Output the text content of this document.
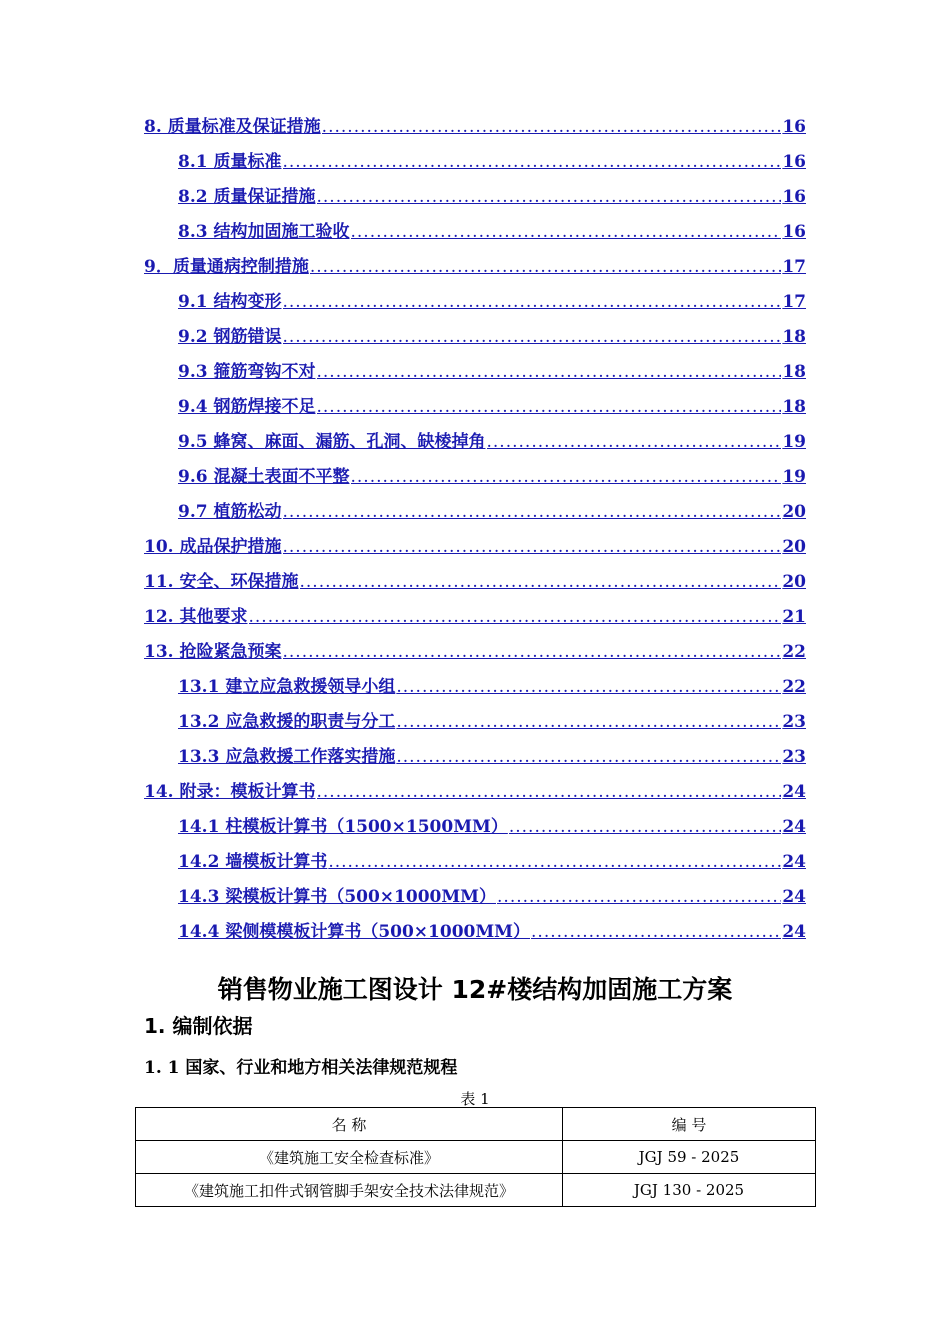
8. 质量标准及保证措施 .....	16
8.1 质量标准 .....	16
8.2 质量保证措施 .....	16
8.3 结构加固施工验收 .....	16
9．质量通病控制措施 .....	17
9.1 结构变形 .....	17
9.2 钢筋错误 .....	18
9.3 箍筋弯钩不对 .....	18
9.4 钢筋焊接不足 .....	18
9.5 蜂窝、麻面、漏筋、孔洞、缺棱掉角 .....	19
9.6 混凝土表面不平整 .....	19
9.7 植筋松动 .....	20
10. 成品保护措施 .....	20
11. 安全、环保措施 .....	20
12. 其他要求 .....	21
13. 抢险紧急预案 .....	22
13.1 建立应急救援领导小组 .....	22
13.2 应急救援的职责与分工 .....	23
13.3 应急救援工作落实措施 .....	23
14. 附录：模板计算书 .....	24
14.1 柱模板计算书（1500×1500MM） .....	24
14.2 墙模板计算书 .....	24
14.3 梁模板计算书（500×1000MM） .....	24
14.4 梁侧模模板计算书（500×1000MM） .....	24
销售物业施工图设计 12#楼结构加固施工方案
1. 编制依据
1. 1 国家、行业和地方相关法律规范规程
表 1
名 称	编 号
《建筑施工安全检查标准》	JGJ 59 - 2025
《建筑施工扣件式钢管脚手架安全技术法律规范》	JGJ 130 - 2025
